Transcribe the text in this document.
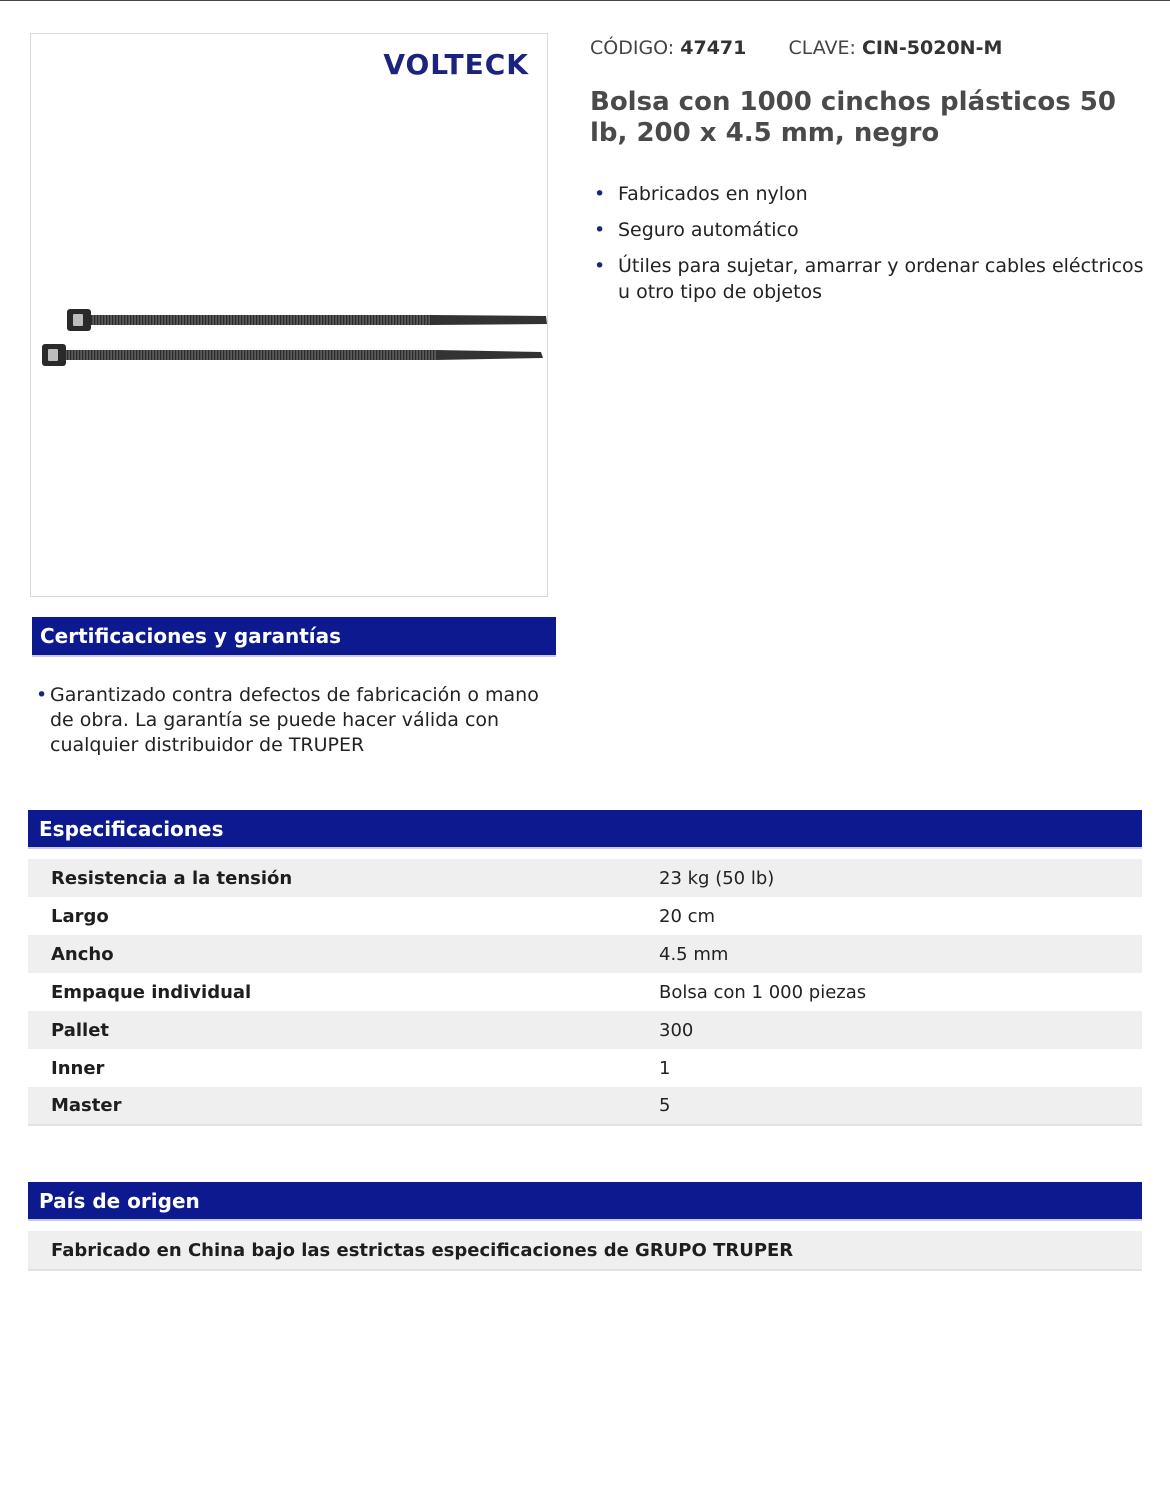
VOLTECK	CÓDIGO: 47471 CLAVE: CIN-5020N-M
Bolsa con 1000 cinchos plásticos 50 lb, 200 x 4.5 mm, negro
• Fabricados en nylon
• Seguro automático
• Útiles para sujetar, amarrar y ordenar cables eléctricos u otro tipo de objetos
Certificaciones y garantías
• Garantizado contra defectos de fabricación o mano de obra. La garantía se puede hacer válida con cualquier distribuidor de TRUPER
Especificaciones
Resistencia a la tensión	23 kg (50 lb)
Largo	20 cm
Ancho	4.5 mm
Empaque individual	Bolsa con 1 000 piezas
Pallet	300
Inner	1
Master	5
País de origen
Fabricado en China bajo las estrictas especificaciones de GRUPO TRUPER
